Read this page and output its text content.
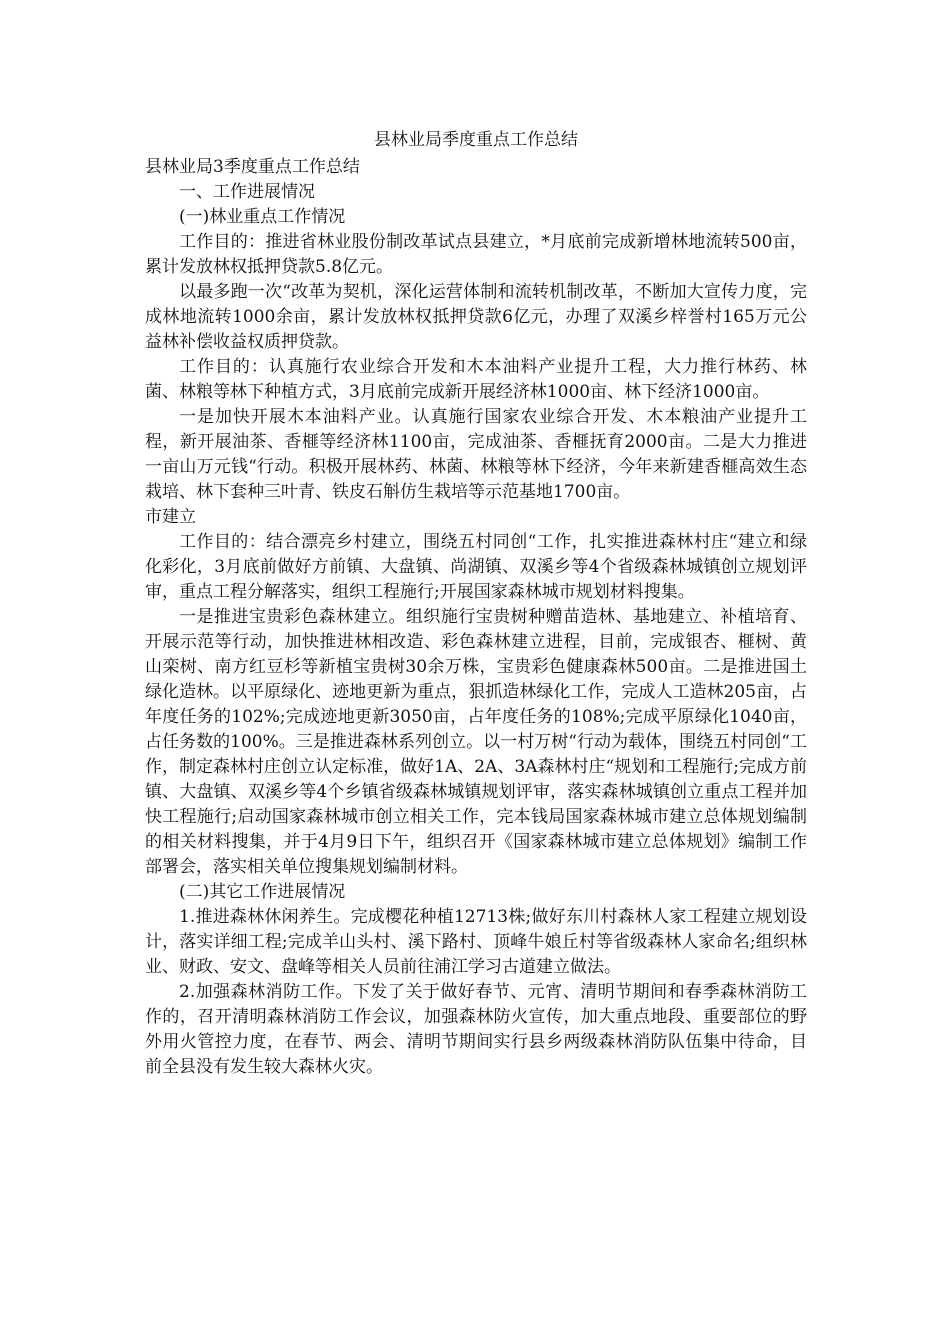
县林业局季度重点工作总结

县林业局3季度重点工作总结

一、工作进展情况

(一)林业重点工作情况

工作目的：推进省林业股份制改革试点县建立，*月底前完成新增林地流转500亩，累计发放林权抵押贷款5.8亿元。

以最多跑一次“改革为契机，深化运营体制和流转机制改革，不断加大宣传力度，完成林地流转1000余亩，累计发放林权抵押贷款6亿元，办理了双溪乡梓誉村165万元公益林补偿收益权质押贷款。

工作目的：认真施行农业综合开发和木本油料产业提升工程，大力推行林药、林菌、林粮等林下种植方式，3月底前完成新开展经济林1000亩、林下经济1000亩。

一是加快开展木本油料产业。认真施行国家农业综合开发、木本粮油产业提升工程，新开展油茶、香榧等经济林1100亩，完成油茶、香榧抚育2000亩。二是大力推进一亩山万元钱“行动。积极开展林药、林菌、林粮等林下经济，今年来新建香榧高效生态栽培、林下套种三叶青、铁皮石斛仿生栽培等示范基地1700亩。

市建立

工作目的：结合漂亮乡村建立，围绕五村同创“工作，扎实推进森林村庄“建立和绿化彩化，3月底前做好方前镇、大盘镇、尚湖镇、双溪乡等4个省级森林城镇创立规划评审，重点工程分解落实，组织工程施行;开展国家森林城市规划材料搜集。

一是推进宝贵彩色森林建立。组织施行宝贵树种赠苗造林、基地建立、补植培育、开展示范等行动，加快推进林相改造、彩色森林建立进程，目前，完成银杏、榧树、黄山栾树、南方红豆杉等新植宝贵树30余万株，宝贵彩色健康森林500亩。二是推进国土绿化造林。以平原绿化、迹地更新为重点，狠抓造林绿化工作，完成人工造林205亩，占年度任务的102%;完成迹地更新3050亩，占年度任务的108%;完成平原绿化1040亩，占任务数的100%。三是推进森林系列创立。以一村万树“行动为载体，围绕五村同创“工作，制定森林村庄创立认定标准，做好1A、2A、3A森林村庄“规划和工程施行;完成方前镇、大盘镇、双溪乡等4个乡镇省级森林城镇规划评审，落实森林城镇创立重点工程并加快工程施行;启动国家森林城市创立相关工作，完本钱局国家森林城市建立总体规划编制的相关材料搜集，并于4月9日下午，组织召开《国家森林城市建立总体规划》编制工作部署会，落实相关单位搜集规划编制材料。

(二)其它工作进展情况

1.推进森林休闲养生。完成樱花种植12713株;做好东川村森林人家工程建立规划设计，落实详细工程;完成羊山头村、溪下路村、顶峰牛娘丘村等省级森林人家命名;组织林业、财政、安文、盘峰等相关人员前往浦江学习古道建立做法。

2.加强森林消防工作。下发了关于做好春节、元宵、清明节期间和春季森林消防工作的，召开清明森林消防工作会议，加强森林防火宣传，加大重点地段、重要部位的野外用火管控力度，在春节、两会、清明节期间实行县乡两级森林消防队伍集中待命，目前全县没有发生较大森林火灾。
